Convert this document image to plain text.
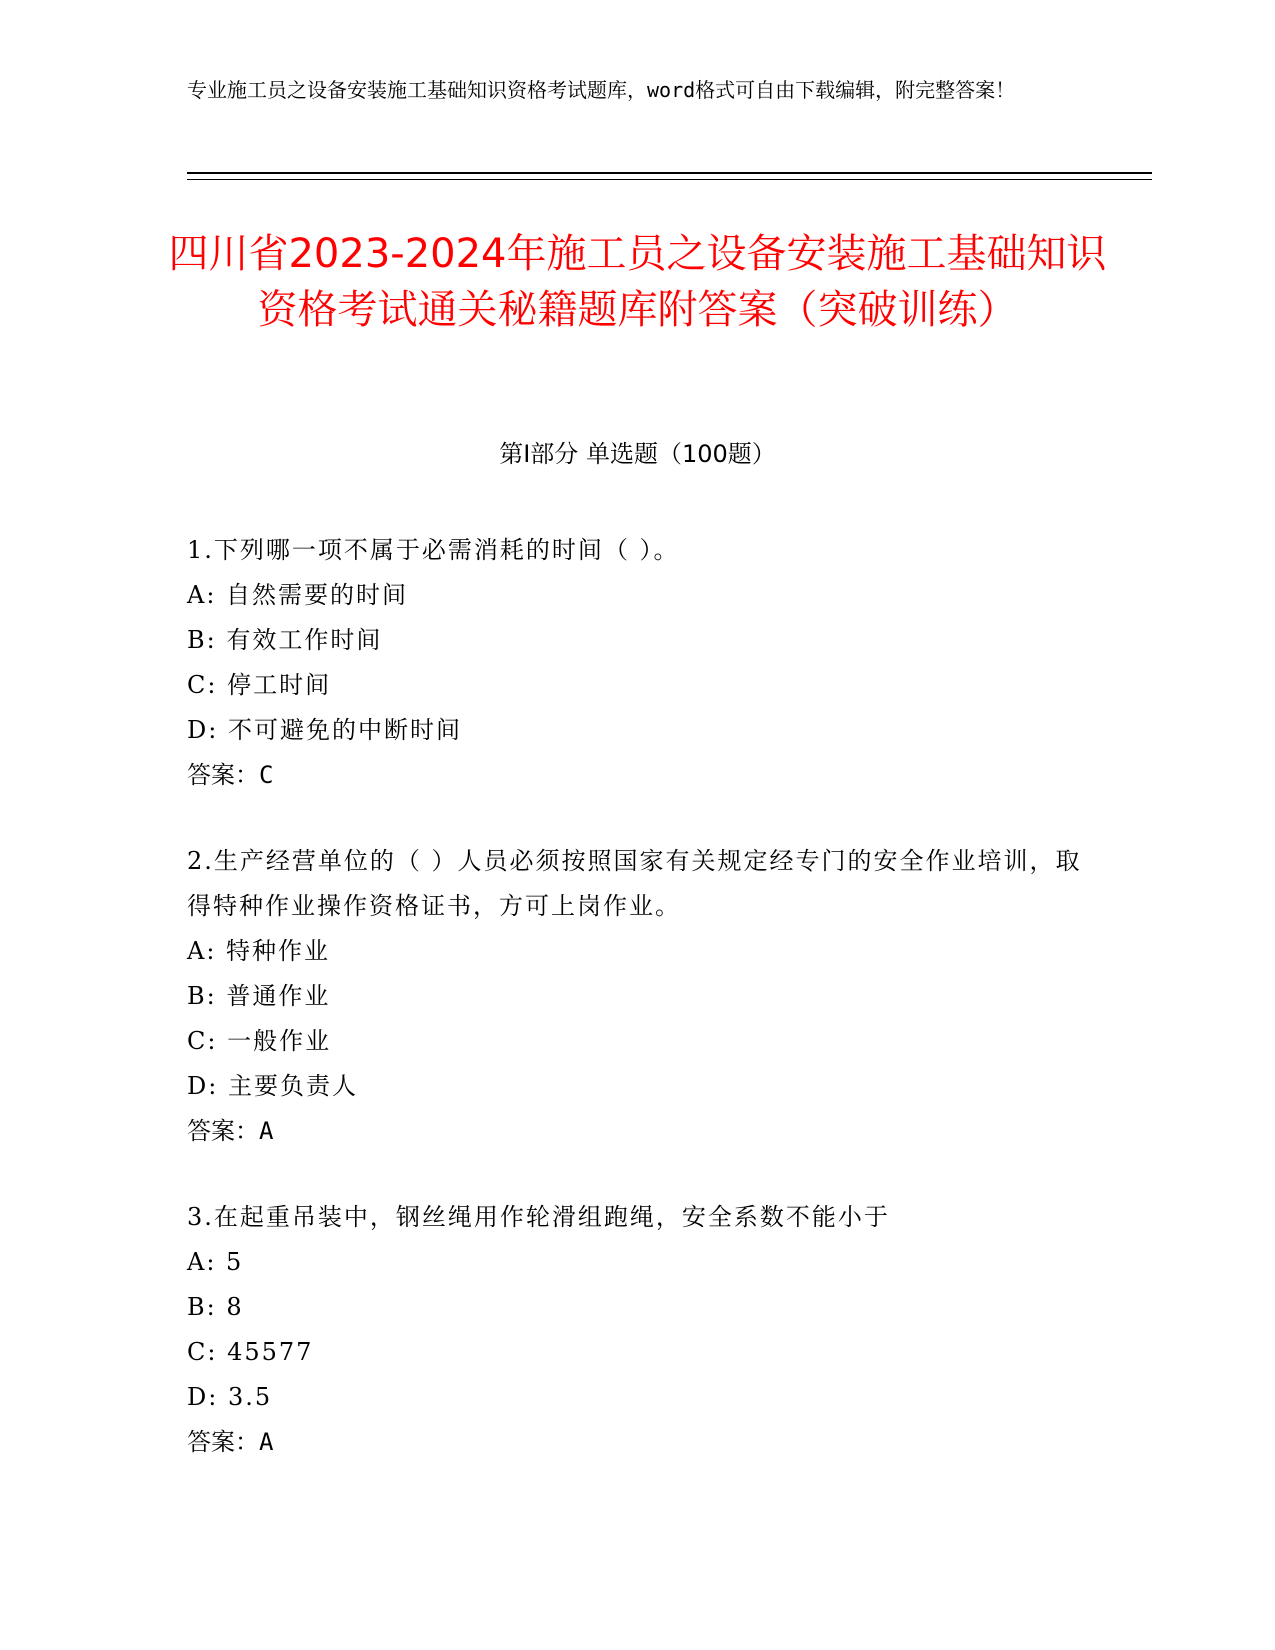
专业施工员之设备安装施工基础知识资格考试题库，word格式可自由下载编辑，附完整答案！
四川省2023-2024年施工员之设备安装施工基础知识资格考试通关秘籍题库附答案（突破训练）
第Ⅰ部分 单选题（100题）
1.下列哪一项不属于必需消耗的时间（ ）。
A: 自然需要的时间
B: 有效工作时间
C: 停工时间
D: 不可避免的中断时间
答案：C
2.生产经营单位的（ ）人员必须按照国家有关规定经专门的安全作业培训，取得特种作业操作资格证书，方可上岗作业。
A: 特种作业
B: 普通作业
C: 一般作业
D: 主要负责人
答案：A
3.在起重吊装中，钢丝绳用作轮滑组跑绳，安全系数不能小于
A: 5
B: 8
C: 45577
D: 3.5
答案：A
